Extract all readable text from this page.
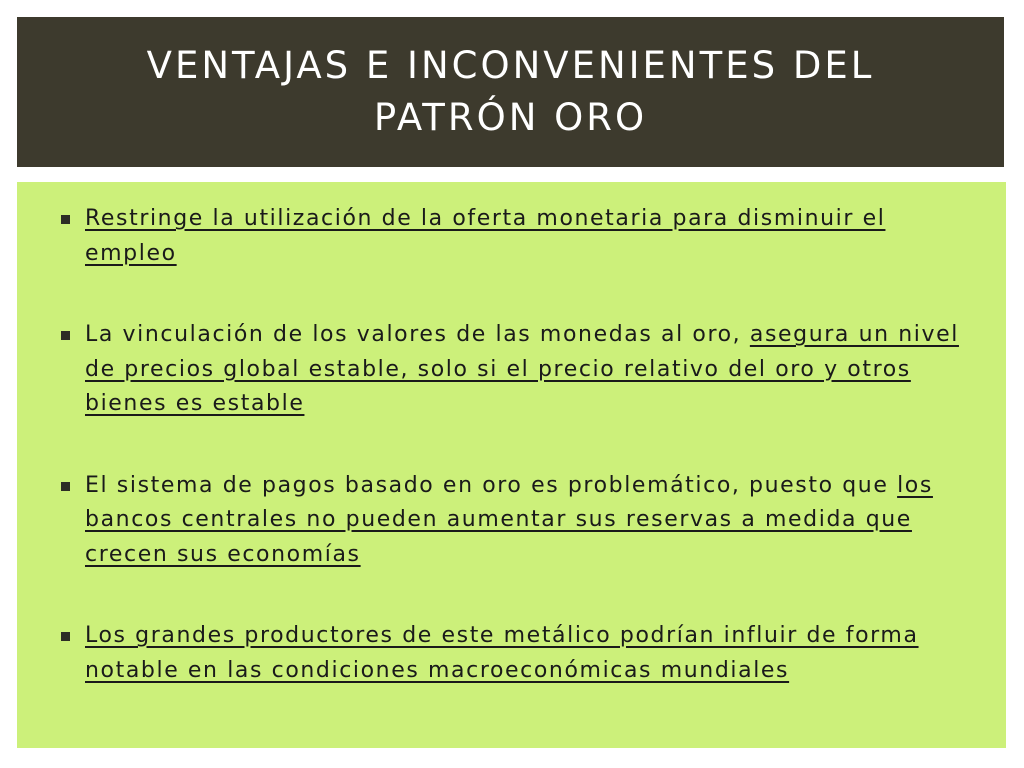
VENTAJAS E INCONVENIENTES DEL
PATRÓN ORO
Restringe la utilización de la oferta monetaria para disminuir el empleo
La vinculación de los valores de las monedas al oro, asegura un nivel de precios global estable, solo si el precio relativo del oro y otros bienes es estable
El sistema de pagos basado en oro es problemático, puesto que los bancos centrales no pueden aumentar sus reservas a medida que crecen sus economías
Los grandes productores de este metálico podrían influir de forma notable en las condiciones macroeconómicas mundiales
